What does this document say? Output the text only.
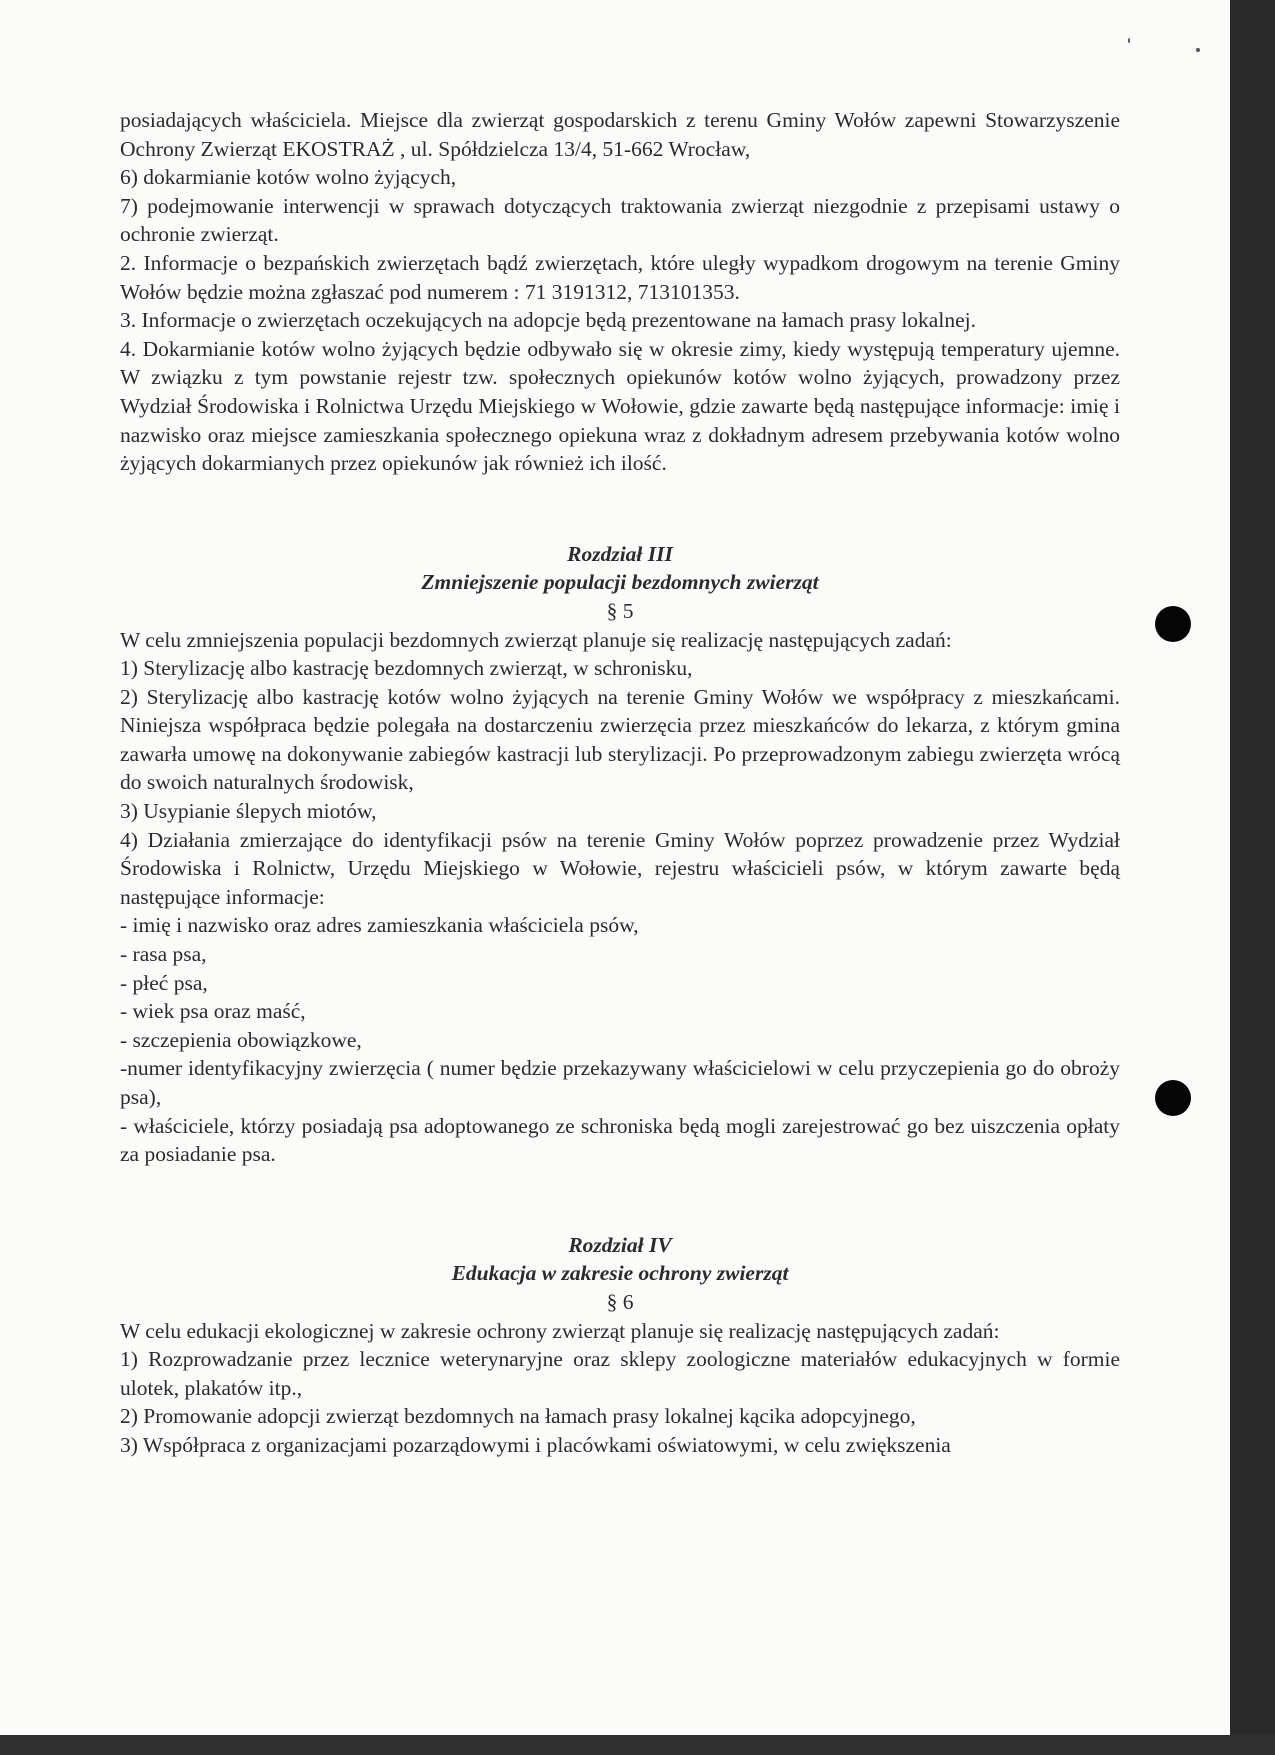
posiadających właściciela. Miejsce dla zwierząt gospodarskich z terenu Gminy Wołów zapewni Stowarzyszenie Ochrony Zwierząt EKOSTRAŻ , ul. Spółdzielcza 13/4, 51-662 Wrocław,

6) dokarmianie kotów wolno żyjących,

7) podejmowanie interwencji w sprawach dotyczących traktowania zwierząt niezgodnie z przepisami ustawy o ochronie zwierząt.

2. Informacje o bezpańskich zwierzętach bądź zwierzętach, które uległy wypadkom drogowym na terenie Gminy Wołów będzie można zgłaszać pod numerem : 71 3191312, 713101353.

3. Informacje o zwierzętach oczekujących na adopcje będą prezentowane na łamach prasy lokalnej.

4. Dokarmianie kotów wolno żyjących będzie odbywało się w okresie zimy, kiedy występują temperatury ujemne. W związku z tym powstanie rejestr tzw. społecznych opiekunów kotów wolno żyjących, prowadzony przez Wydział Środowiska i Rolnictwa Urzędu Miejskiego w Wołowie, gdzie zawarte będą następujące informacje: imię i nazwisko oraz miejsce zamieszkania społecznego opiekuna wraz z dokładnym adresem przebywania kotów wolno żyjących dokarmianych przez opiekunów jak również ich ilość.

Rozdział III

Zmniejszenie populacji bezdomnych zwierząt

§ 5

W celu zmniejszenia populacji bezdomnych zwierząt planuje się realizację następujących zadań:

1) Sterylizację albo kastrację bezdomnych zwierząt, w schronisku,

2) Sterylizację albo kastrację kotów wolno żyjących na terenie Gminy Wołów we współpracy z mieszkańcami. Niniejsza współpraca będzie polegała na dostarczeniu zwierzęcia przez mieszkańców do lekarza, z którym gmina zawarła umowę na dokonywanie zabiegów kastracji lub sterylizacji. Po przeprowadzonym zabiegu zwierzęta wrócą do swoich naturalnych środowisk,

3) Usypianie ślepych miotów,

4) Działania zmierzające do identyfikacji psów na terenie Gminy Wołów poprzez prowadzenie przez Wydział Środowiska i Rolnictw, Urzędu Miejskiego w Wołowie, rejestru właścicieli psów, w którym zawarte będą następujące informacje:

- imię i nazwisko oraz adres zamieszkania właściciela psów,

- rasa psa,

- płeć psa,

- wiek psa oraz maść,

- szczepienia obowiązkowe,

-numer identyfikacyjny zwierzęcia ( numer będzie przekazywany właścicielowi w celu przyczepienia go do obroży psa),

- właściciele, którzy posiadają psa adoptowanego ze schroniska będą mogli zarejestrować go bez uiszczenia opłaty za posiadanie psa.

Rozdział IV

Edukacja w zakresie ochrony zwierząt

§ 6

W celu edukacji ekologicznej w zakresie ochrony zwierząt planuje się realizację następujących zadań:

1) Rozprowadzanie przez lecznice weterynaryjne oraz sklepy zoologiczne materiałów edukacyjnych w formie ulotek, plakatów itp.,

2) Promowanie adopcji zwierząt bezdomnych na łamach prasy lokalnej kącika adopcyjnego,

3) Współpraca z organizacjami pozarządowymi i placówkami oświatowymi, w celu zwiększenia
